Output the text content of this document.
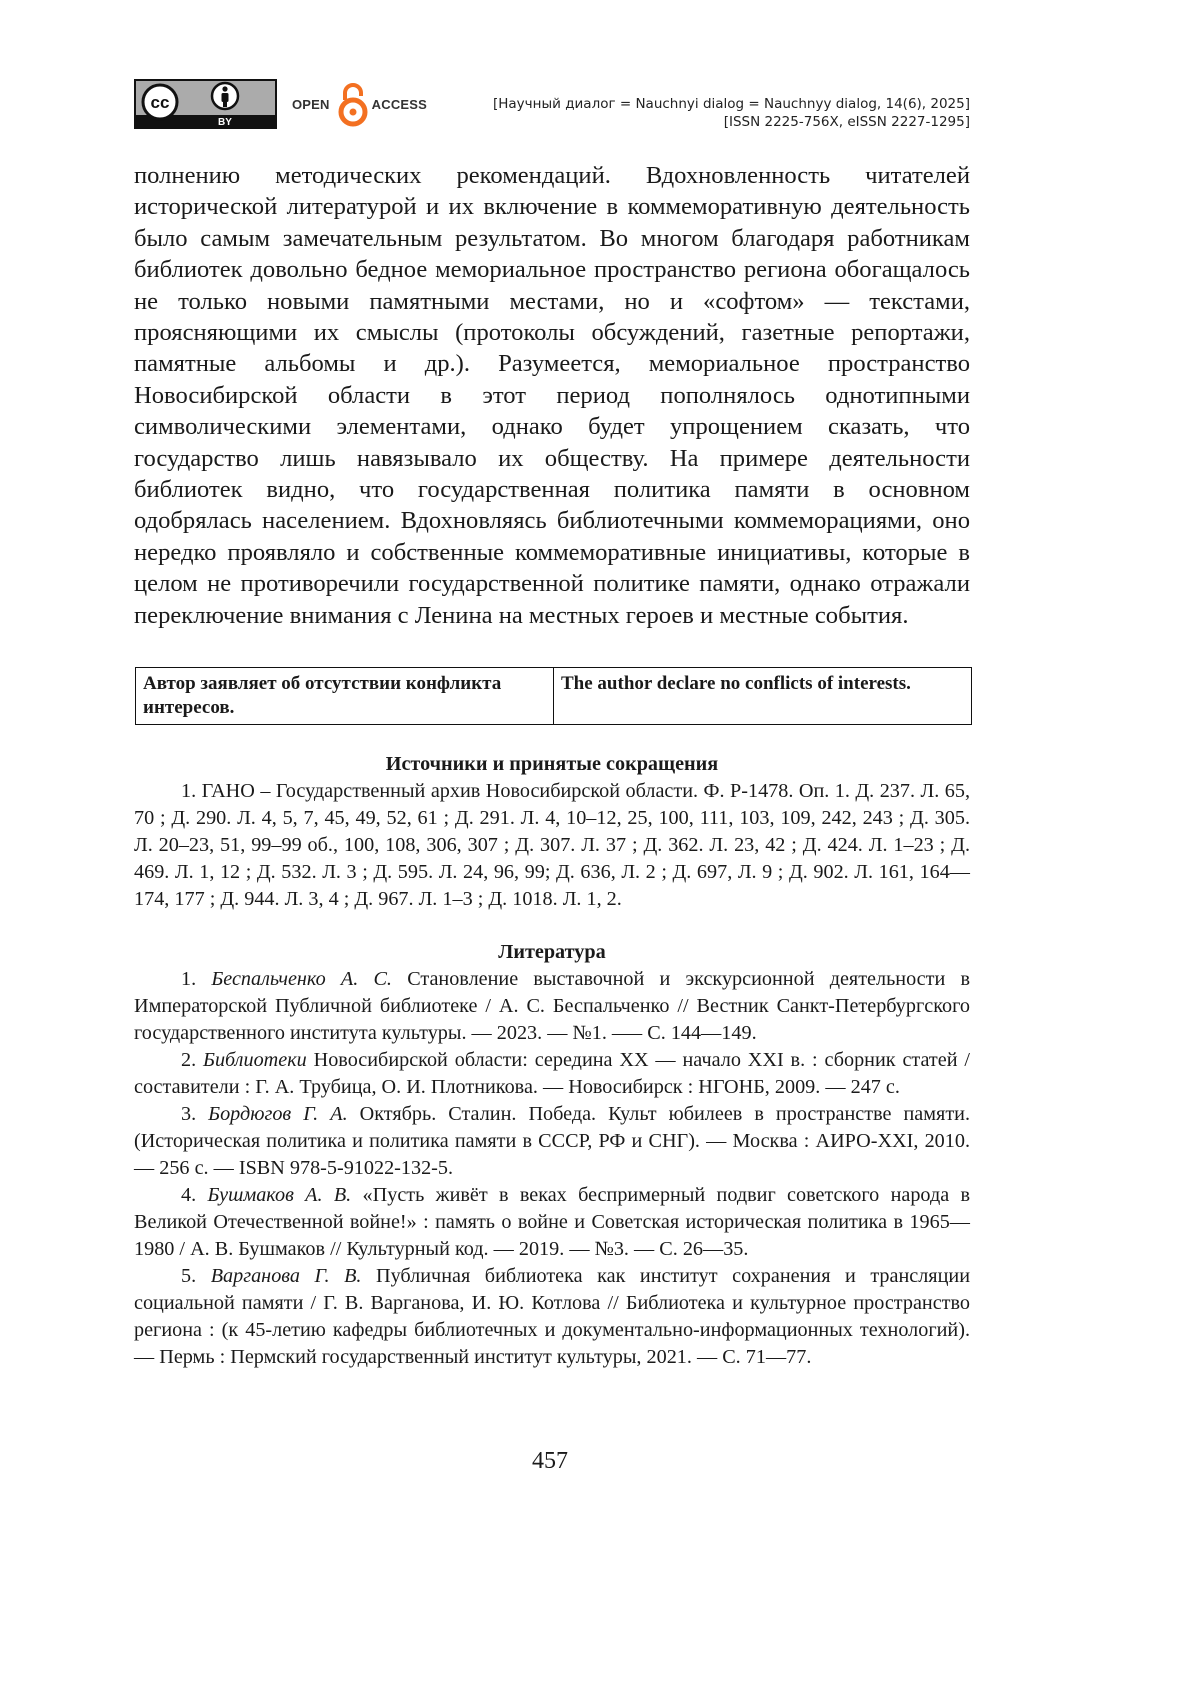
cc
BY
OPEN	ACCESS	[Научный диалог = Nauchnyi dialog = Nauchnyy dialog, 14(6), 2025]
[ISSN 2225-756X, eISSN 2227-1295]

полнению методических рекомендаций. Вдохновленность читателей исторической литературой и их включение в коммеморативную деятельность было самым замечательным результатом. Во многом благодаря работникам библиотек довольно бедное мемориальное пространство региона обогащалось не только новыми памятными местами, но и «софтом» — текстами, проясняющими их смыслы (протоколы обсуждений, газетные репортажи, памятные альбомы и др.). Разумеется, мемориальное пространство Новосибирской области в этот период пополнялось однотипными символическими элементами, однако будет упрощением сказать, что государство лишь навязывало их обществу. На примере деятельности библиотек видно, что государственная политика памяти в основном одобрялась населением. Вдохновляясь библиотечными коммеморациями, оно нередко проявляло и собственные коммеморативные инициативы, которые в целом не противоречили государственной политике памяти, однако отражали переключение внимания с Ленина на местных героев и местные события.

Автор заявляет об отсутствии конфликта интересов.	The author declare no conflicts of interests.
Источники и принятые сокращения

1. ГАНО – Государственный архив Новосибирской области. Ф. Р-1478. Оп. 1. Д. 237. Л. 65, 70 ; Д. 290. Л. 4, 5, 7, 45, 49, 52, 61 ; Д. 291. Л. 4, 10–12, 25, 100, 111, 103, 109, 242, 243 ; Д. 305. Л. 20–23, 51, 99–99 об., 100, 108, 306, 307 ; Д. 307. Л. 37 ; Д. 362. Л. 23, 42 ; Д. 424. Л. 1–23 ; Д. 469. Л. 1, 12 ; Д. 532. Л. 3 ; Д. 595. Л. 24, 96, 99; Д. 636, Л. 2 ; Д. 697, Л. 9 ; Д. 902. Л. 161, 164—174, 177 ; Д. 944. Л. 3, 4 ; Д. 967. Л. 1–3 ; Д. 1018. Л. 1, 2.

Литература

1. Беспальченко А. С. Становление выставочной и экскурсионной деятельности в Императорской Публичной библиотеке / А. С. Беспальченко // Вестник Санкт-Петербургского государственного института культуры. — 2023. — №1. –— С. 144—149.

2. Библиотеки Новосибирской области: середина XX — начало XXI в. : сборник статей / составители : Г. А. Трубица, О. И. Плотникова. — Новосибирск : НГОНБ, 2009. — 247 с.

3. Бордюгов Г. А. Октябрь. Сталин. Победа. Культ юбилеев в пространстве памяти. (Историческая политика и политика памяти в СССР, РФ и СНГ). — Москва : АИРО-XXI, 2010. — 256 с. — ISBN 978-5-91022-132-5.

4. Бушмаков А. В. «Пусть живёт в веках беспримерный подвиг советского народа в Великой Отечественной войне!» : память о войне и Советская историческая политика в 1965—1980 / А. В. Бушмаков // Культурный код. — 2019. — №3. — С. 26—35.

5. Варганова Г. В. Публичная библиотека как институт сохранения и трансляции социальной памяти / Г. В. Варганова, И. Ю. Котлова // Библиотека и культурное пространство региона : (к 45-летию кафедры библиотечных и документально-информационных технологий). — Пермь : Пермский государственный институт культуры, 2021. — С. 71—77.

457
